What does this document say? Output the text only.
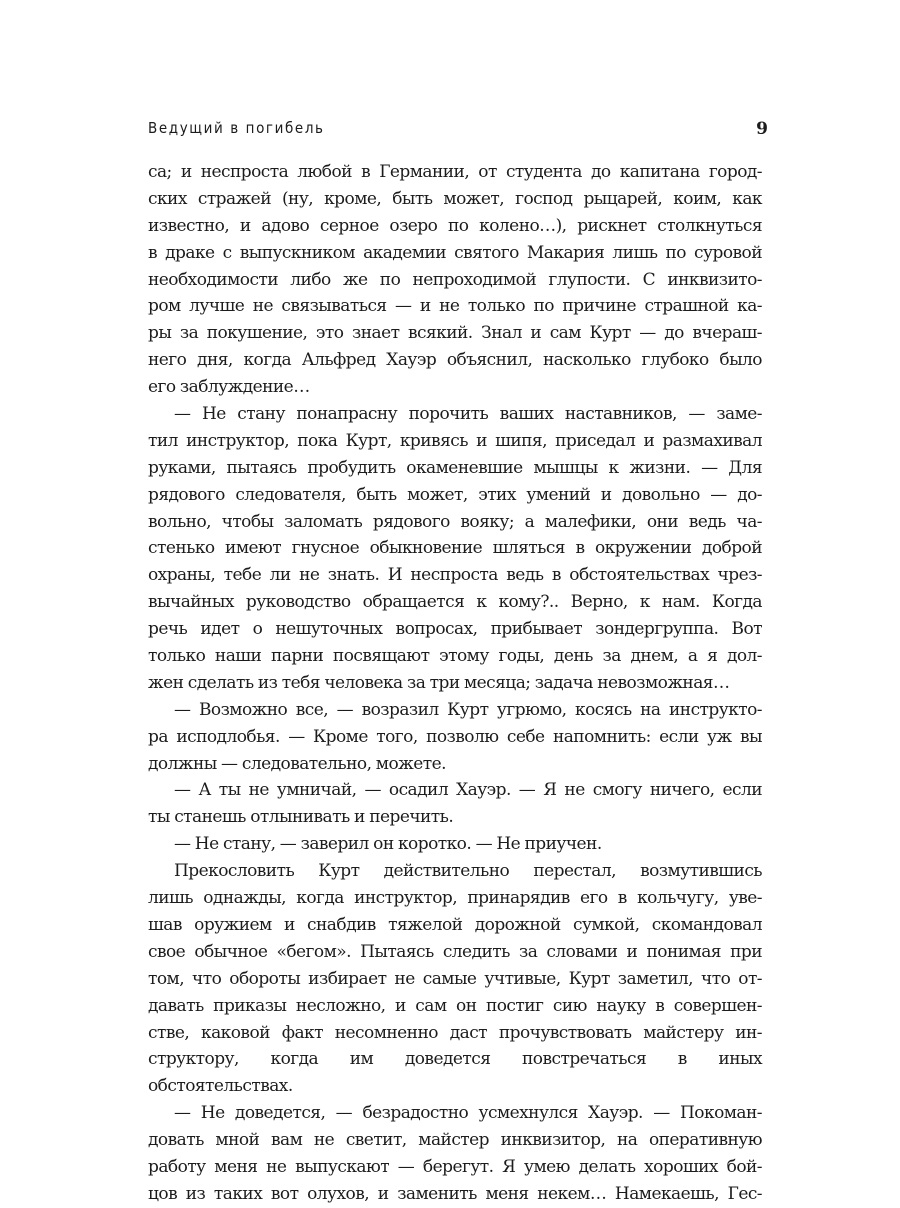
Ведущий в погибель	9
са; и неспроста любой в Германии, от студента до капитана город-
ских стражей (ну, кроме, быть может, господ рыцарей, коим, как
известно, и адово серное озеро по колено…), рискнет столкнуться
в драке с выпускником академии святого Макария лишь по суровой
необходимости либо же по непроходимой глупости. С инквизито-
ром лучше не связываться — и не только по причине страшной ка-
ры за покушение, это знает всякий. Знал и сам Курт — до вчераш-
него дня, когда Альфред Хауэр объяснил, насколько глубоко было
его заблуждение…
— Не стану понапрасну порочить ваших наставников, — заме-
тил инструктор, пока Курт, кривясь и шипя, приседал и размахивал
руками, пытаясь пробудить окаменевшие мышцы к жизни. — Для
рядового следователя, быть может, этих умений и довольно — до-
вольно, чтобы заломать рядового вояку; а малефики, они ведь ча-
стенько имеют гнусное обыкновение шляться в окружении доброй
охраны, тебе ли не знать. И неспроста ведь в обстоятельствах чрез-
вычайных руководство обращается к кому?.. Верно, к нам. Когда
речь идет о нешуточных вопросах, прибывает зондергруппа. Вот
только наши парни посвящают этому годы, день за днем, а я дол-
жен сделать из тебя человека за три месяца; задача невозможная…
— Возможно все, — возразил Курт угрюмо, косясь на инструкто-
ра исподлобья. — Кроме того, позволю себе напомнить: если уж вы
должны — следовательно, можете.
— А ты не умничай, — осадил Хауэр. — Я не смогу ничего, если
ты станешь отлынивать и перечить.
— Не стану, — заверил он коротко. — Не приучен.
Прекословить Курт действительно перестал, возмутившись
лишь однажды, когда инструктор, принарядив его в кольчугу, уве-
шав оружием и снабдив тяжелой дорожной сумкой, скомандовал
свое обычное «бегом». Пытаясь следить за словами и понимая при
том, что обороты избирает не самые учтивые, Курт заметил, что от-
давать приказы несложно, и сам он постиг сию науку в совершен-
стве, каковой факт несомненно даст прочувствовать майстеру ин-
структору, когда им доведется повстречаться в иных
обстоятельствах.
— Не доведется, — безрадостно усмехнулся Хауэр. — Покоман-
довать мной вам не светит, майстер инквизитор, на оперативную
работу меня не выпускают — берегут. Я умею делать хороших бой-
цов из таких вот олухов, и заменить меня некем… Намекаешь, Гес-
